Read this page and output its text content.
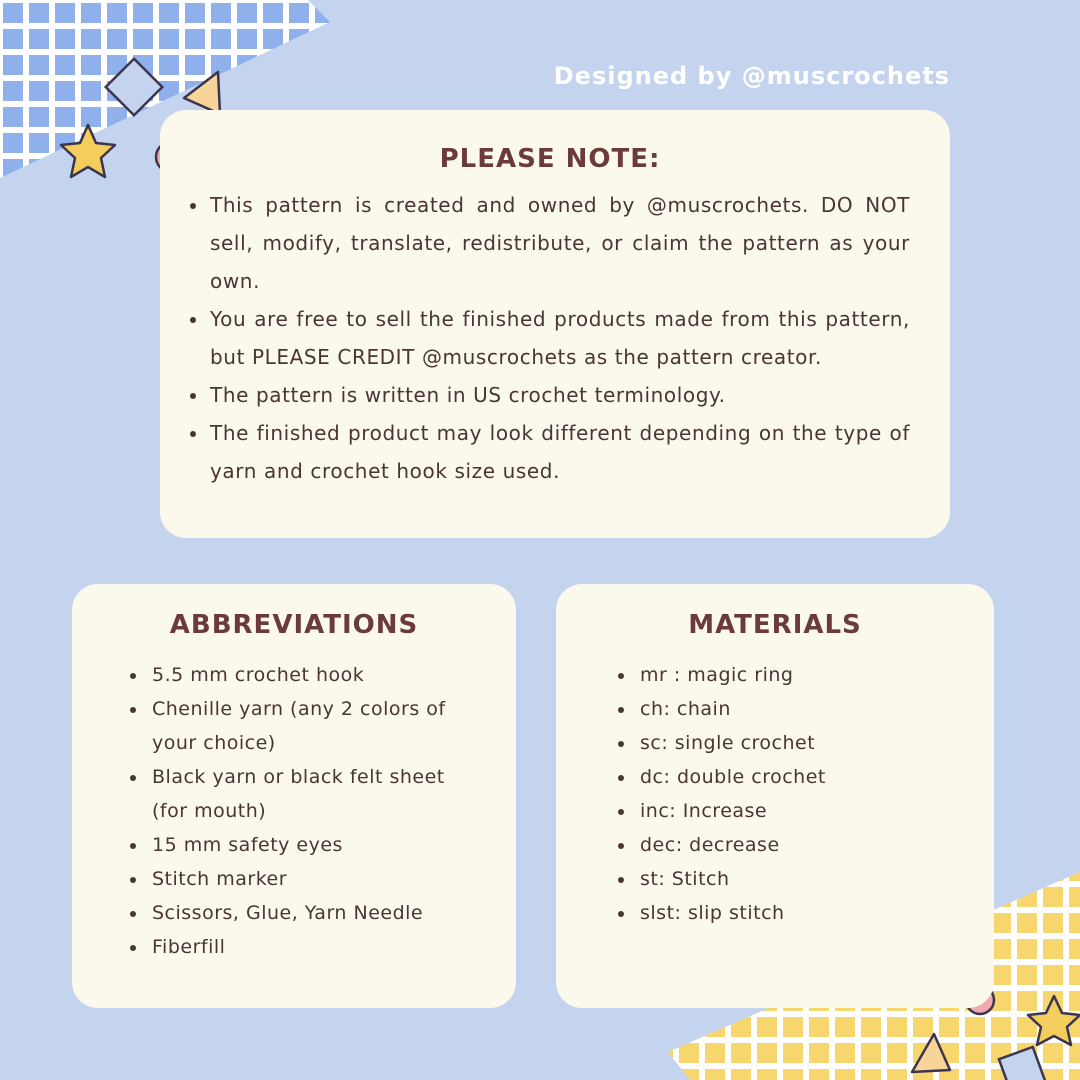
Designed by @muscrochets
PLEASE NOTE:
This pattern is created and owned by @muscrochets. DO NOT sell, modify, translate, redistribute, or claim the pattern as your own.
You are free to sell the finished products made from this pattern, but PLEASE CREDIT @muscrochets as the pattern creator.
The pattern is written in US crochet terminology.
The finished product may look different depending on the type of yarn and crochet hook size used.
ABBREVIATIONS
5.5 mm crochet hook
Chenille yarn (any 2 colors of your choice)
Black yarn or black felt sheet (for mouth)
15 mm safety eyes
Stitch marker
Scissors, Glue, Yarn Needle
Fiberfill
MATERIALS
mr : magic ring
ch: chain
sc: single crochet
dc: double crochet
inc: Increase
dec: decrease
st: Stitch
slst: slip stitch
